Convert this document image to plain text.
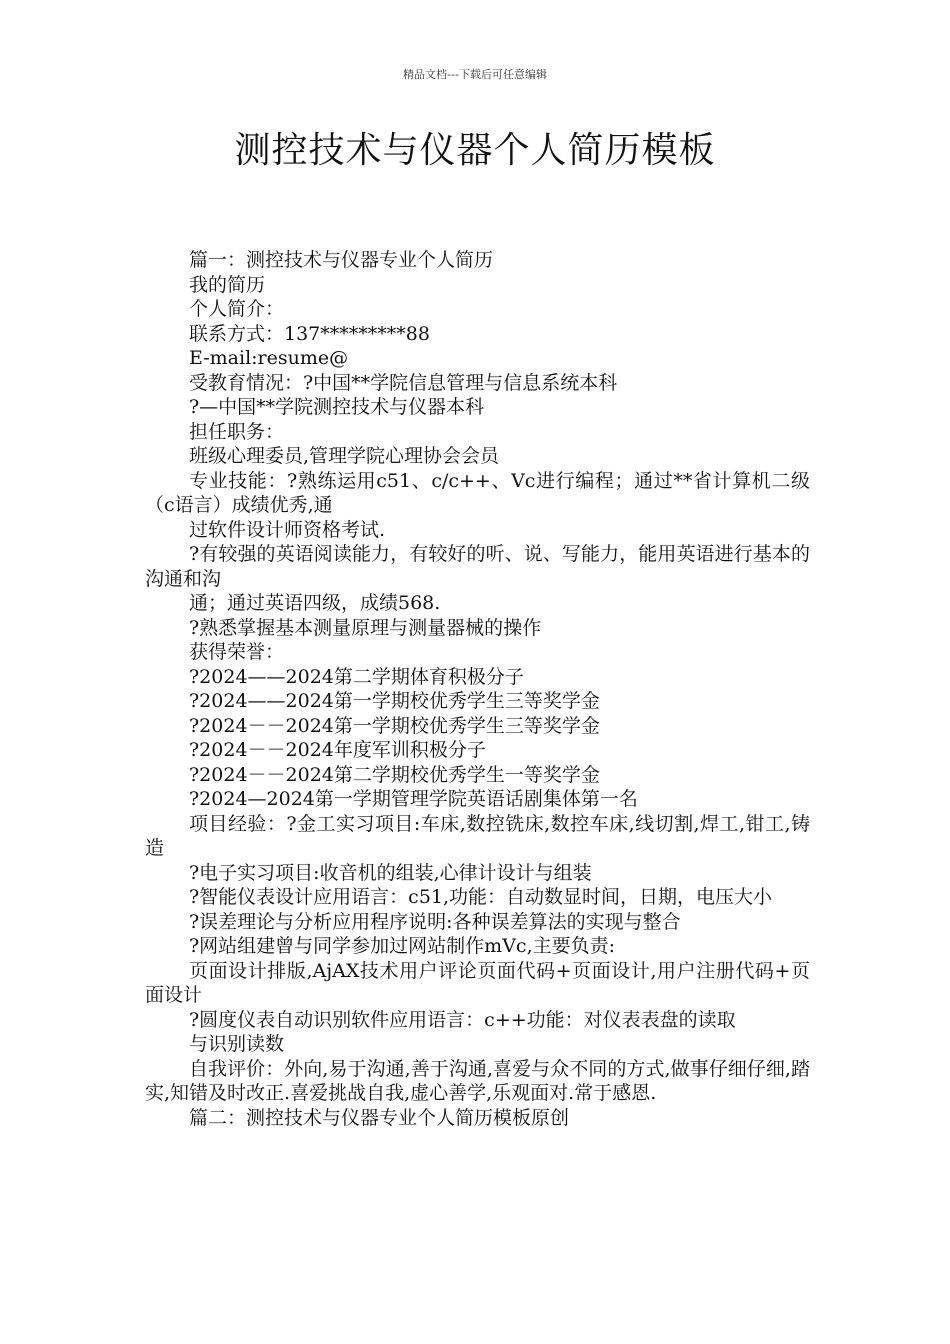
精品文档---下载后可任意编辑
测控技术与仪器个人简历模板
篇一：测控技术与仪器专业个人简历
我的简历
个人简介：
联系方式：137*********88
E-mail:resume@
受教育情况：?中国**学院信息管理与信息系统本科
?—中国**学院测控技术与仪器本科
担任职务：
班级心理委员,管理学院心理协会会员
专业技能：?熟练运用c51、c/c++、Vc进行编程；通过**省计算机二级（c语言）成绩优秀,通
过软件设计师资格考试.
?有较强的英语阅读能力，有较好的听、说、写能力，能用英语进行基本的沟通和沟
通；通过英语四级，成绩568.
?熟悉掌握基本测量原理与测量器械的操作
获得荣誉：
?2024——2024第二学期体育积极分子
?2024——2024第一学期校优秀学生三等奖学金
?2024－－2024第一学期校优秀学生三等奖学金
?2024－－2024年度军训积极分子
?2024－－2024第二学期校优秀学生一等奖学金
?2024—2024第一学期管理学院英语话剧集体第一名
项目经验：?金工实习项目:车床,数控铣床,数控车床,线切割,焊工,钳工,铸造
?电子实习项目:收音机的组装,心律计设计与组装
?智能仪表设计应用语言：c51,功能：自动数显时间，日期，电压大小
?误差理论与分析应用程序说明:各种误差算法的实现与整合
?网站组建曾与同学参加过网站制作mVc,主要负责:
页面设计排版,AjAX技术用户评论页面代码+页面设计,用户注册代码+页面设计
?圆度仪表自动识别软件应用语言：c++功能：对仪表表盘的读取
与识别读数
自我评价：外向,易于沟通,善于沟通,喜爱与众不同的方式,做事仔细仔细,踏实,知错及时改正.喜爱挑战自我,虚心善学,乐观面对.常于感恩.
篇二：测控技术与仪器专业个人简历模板原创
